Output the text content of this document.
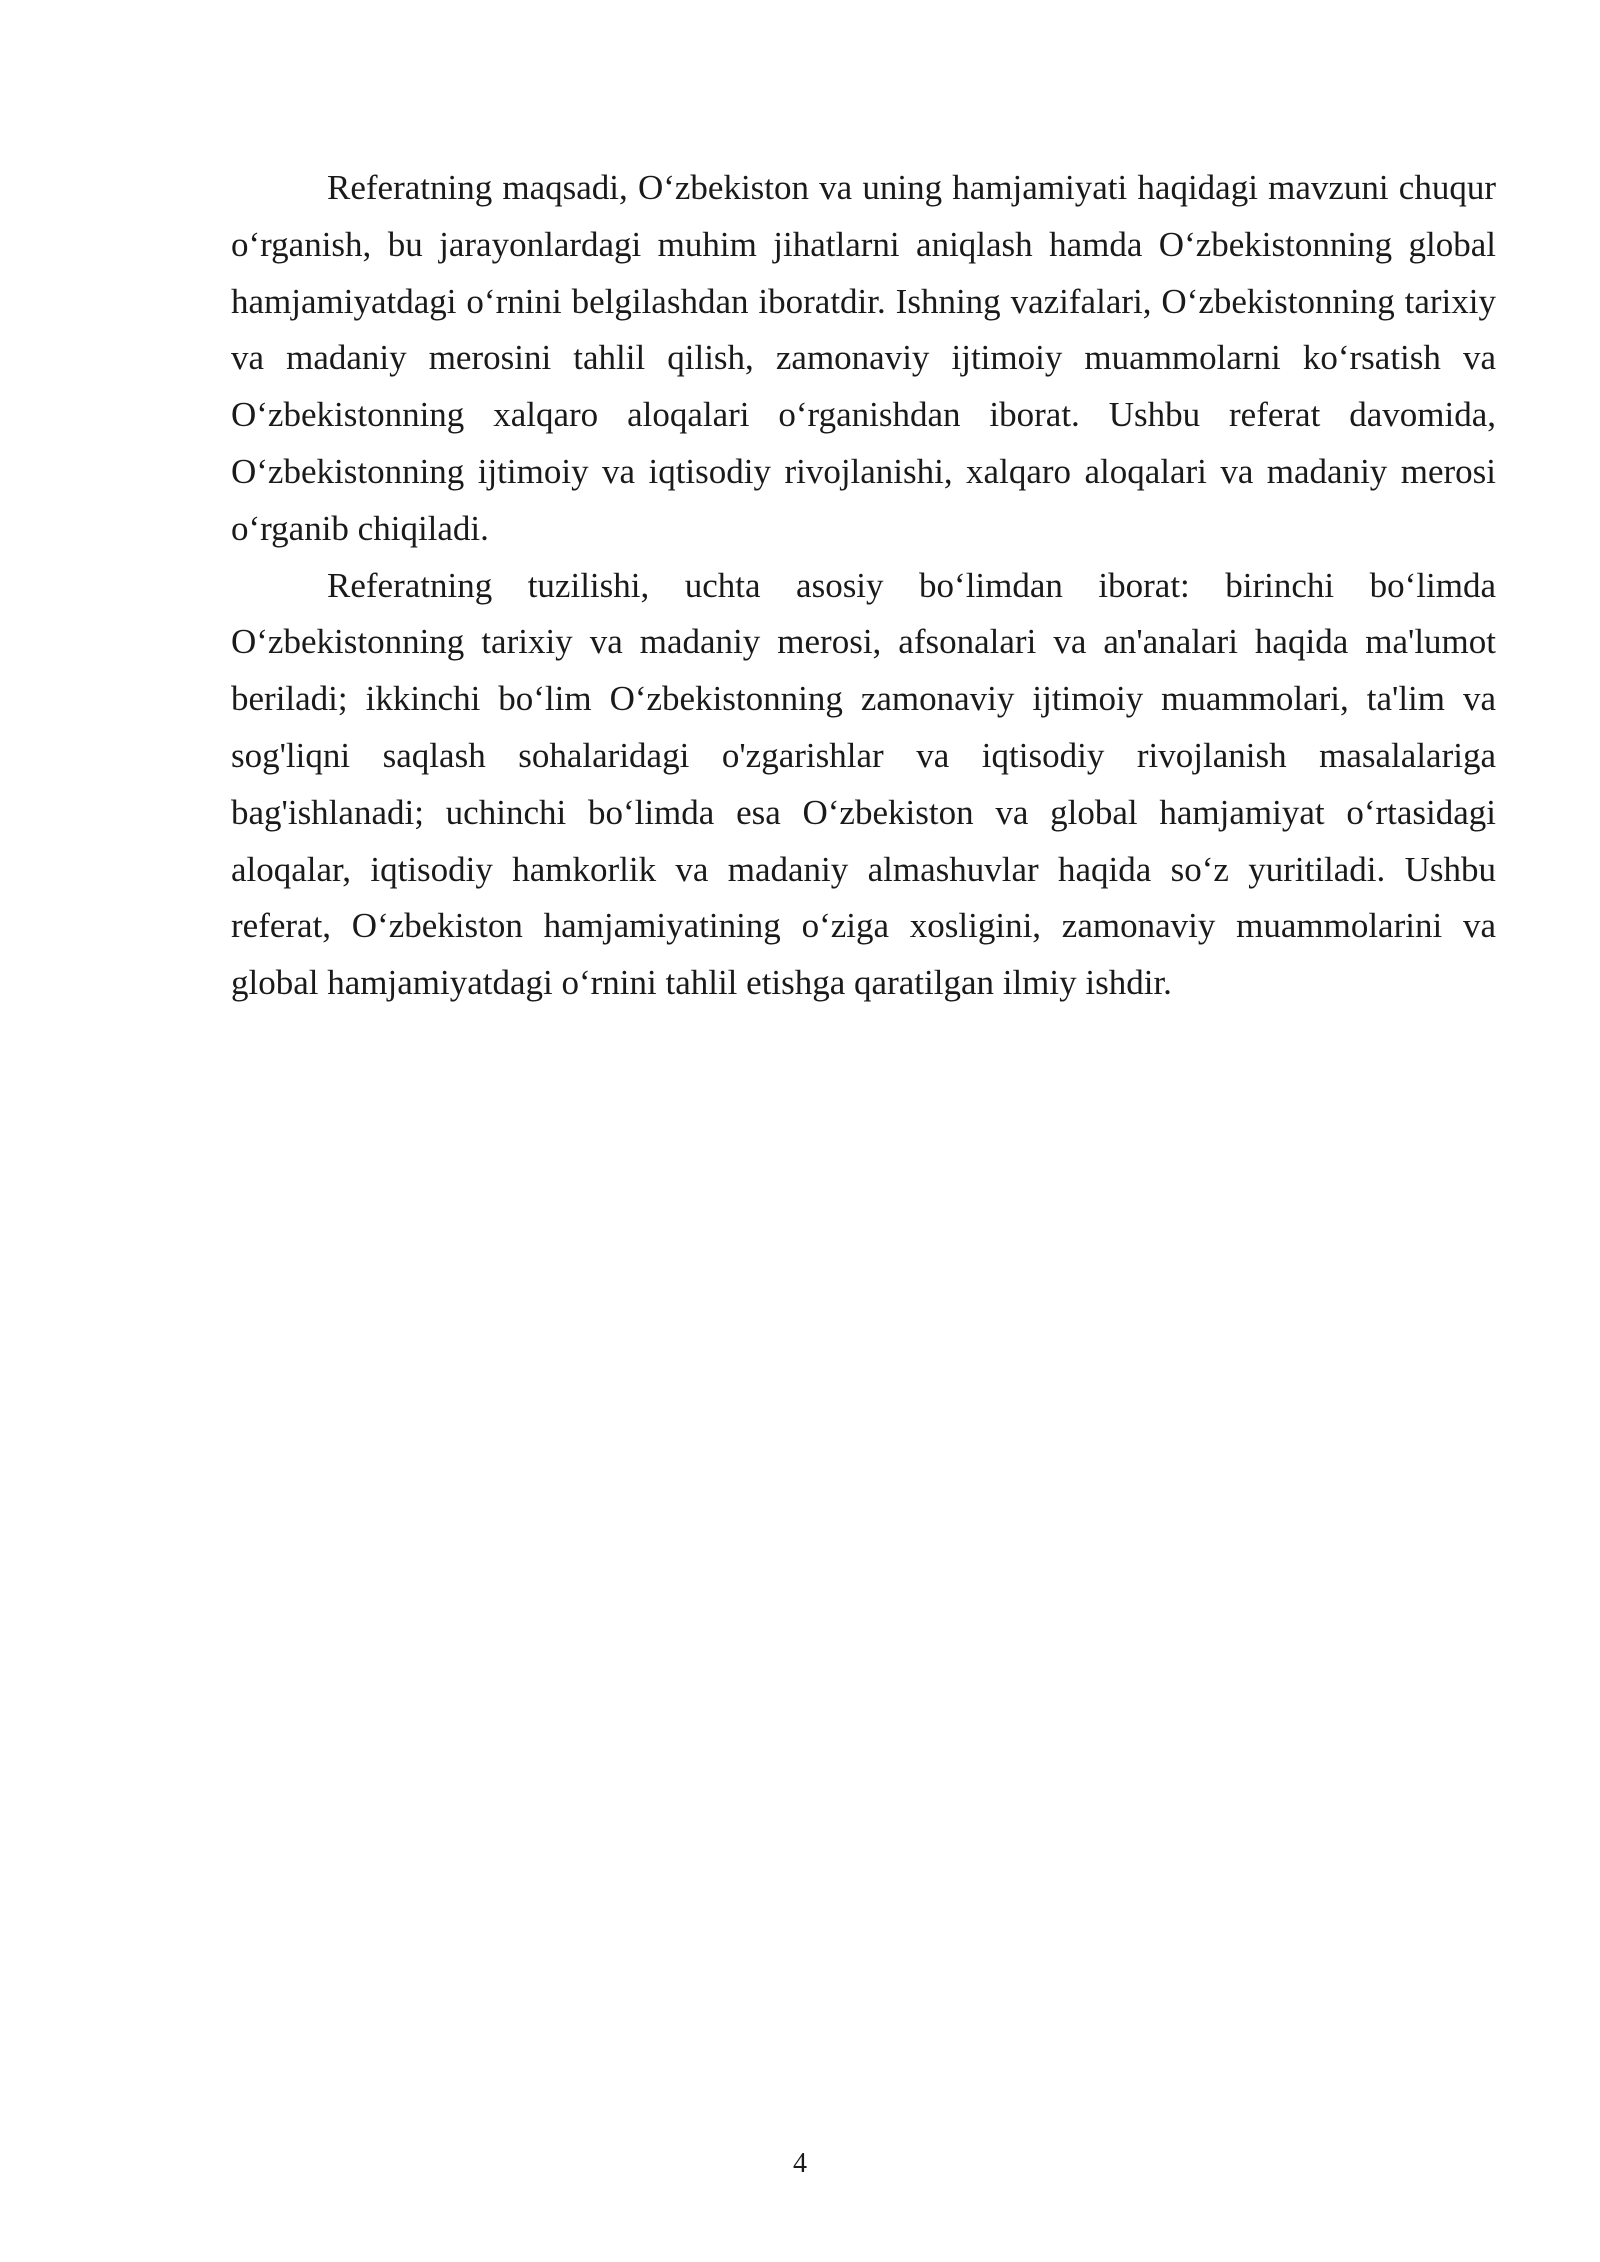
Referatning maqsadi, O‘zbekiston va uning hamjamiyati haqidagi mavzuni chuqur o‘rganish, bu jarayonlardagi muhim jihatlarni aniqlash hamda O‘zbekistonning global hamjamiyatdagi o‘rnini belgilashdan iboratdir. Ishning vazifalari, O‘zbekistonning tarixiy va madaniy merosini tahlil qilish, zamonaviy ijtimoiy muammolarni ko‘rsatish va O‘zbekistonning xalqaro aloqalari o‘rganishdan iborat. Ushbu referat davomida, O‘zbekistonning ijtimoiy va iqtisodiy rivojlanishi, xalqaro aloqalari va madaniy merosi o‘rganib chiqiladi.

Referatning tuzilishi, uchta asosiy bo‘limdan iborat: birinchi bo‘limda O‘zbekistonning tarixiy va madaniy merosi, afsonalari va an'analari haqida ma'lumot beriladi; ikkinchi bo‘lim O‘zbekistonning zamonaviy ijtimoiy muammolari, ta'lim va sog'liqni saqlash sohalaridagi o'zgarishlar va iqtisodiy rivojlanish masalalariga bag'ishlanadi; uchinchi bo‘limda esa O‘zbekiston va global hamjamiyat o‘rtasidagi aloqalar, iqtisodiy hamkorlik va madaniy almashuvlar haqida so‘z yuritiladi. Ushbu referat, O‘zbekiston hamjamiyatining o‘ziga xosligini, zamonaviy muammolarini va global hamjamiyatdagi o‘rnini tahlil etishga qaratilgan ilmiy ishdir.

4
